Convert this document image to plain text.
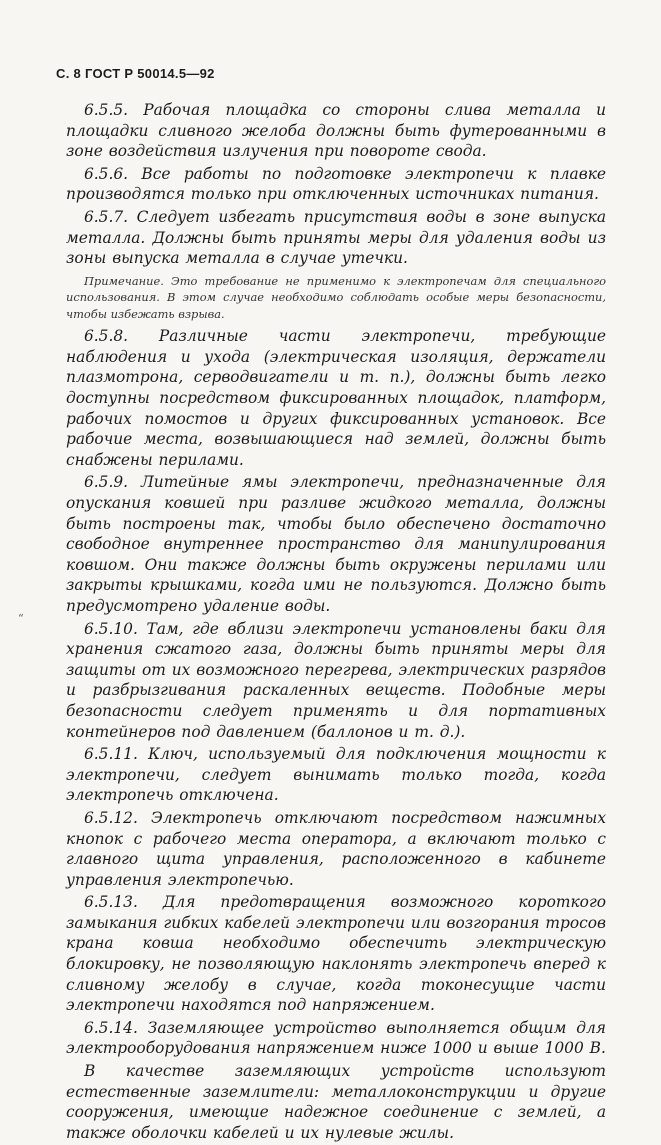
С. 8 ГОСТ Р 50014.5—92
“

6.5.5. Рабочая площадка со стороны слива металла и площадки сливного желоба должны быть футерованными в зоне воздействия излучения при повороте свода.

6.5.6. Все работы по подготовке электропечи к плавке производятся только при отключенных источниках питания.

6.5.7. Следует избегать присутствия воды в зоне выпуска металла. Должны быть приняты меры для удаления воды из зоны выпуска металла в случае утечки.

Примечание. Это требование не применимо к электропечам для специального использования. В этом случае необходимо соблюдать особые меры безопасности, чтобы избежать взрыва.

6.5.8. Различные части электропечи, требующие наблюдения и ухода (электрическая изоляция, держатели плазмотрона, серводвигатели и т. п.), должны быть легко доступны посредством фиксированных площадок, платформ, рабочих помостов и других фиксированных установок. Все рабочие места, возвышающиеся над землей, должны быть снабжены перилами.

6.5.9. Литейные ямы электропечи, предназначенные для опускания ковшей при разливе жидкого металла, должны быть построены так, чтобы было обеспечено достаточно свободное внутреннее пространство для манипулирования ковшом. Они также должны быть окружены перилами или закрыты крышками, когда ими не пользуются. Должно быть предусмотрено удаление воды.

6.5.10. Там, где вблизи электропечи установлены баки для хранения сжатого газа, должны быть приняты меры для защиты от их возможного перегрева, электрических разрядов и разбрызгивания раскаленных веществ. Подобные меры безопасности следует применять и для портативных контейнеров под давлением (баллонов и т. д.).

6.5.11. Ключ, используемый для подключения мощности к электропечи, следует вынимать только тогда, когда электропечь отключена.

6.5.12. Электропечь отключают посредством нажимных кнопок с рабочего места оператора, а включают только с главного щита управления, расположенного в кабинете управления электропечью.

6.5.13. Для предотвращения возможного короткого замыкания гибких кабелей электропечи или возгорания тросов крана ковша необходимо обеспечить электрическую блокировку, не позволяющую наклонять электропечь вперед к сливному желобу в случае, когда токонесущие части электропечи находятся под напряжением.

6.5.14. Заземляющее устройство выполняется общим для электрооборудования напряжением ниже 1000 и выше 1000 В.

В качестве заземляющих устройств используют естественные заземлители: металлоконструкции и другие сооружения, имеющие надежное соединение с землей, а также оболочки кабелей и их нулевые жилы.
